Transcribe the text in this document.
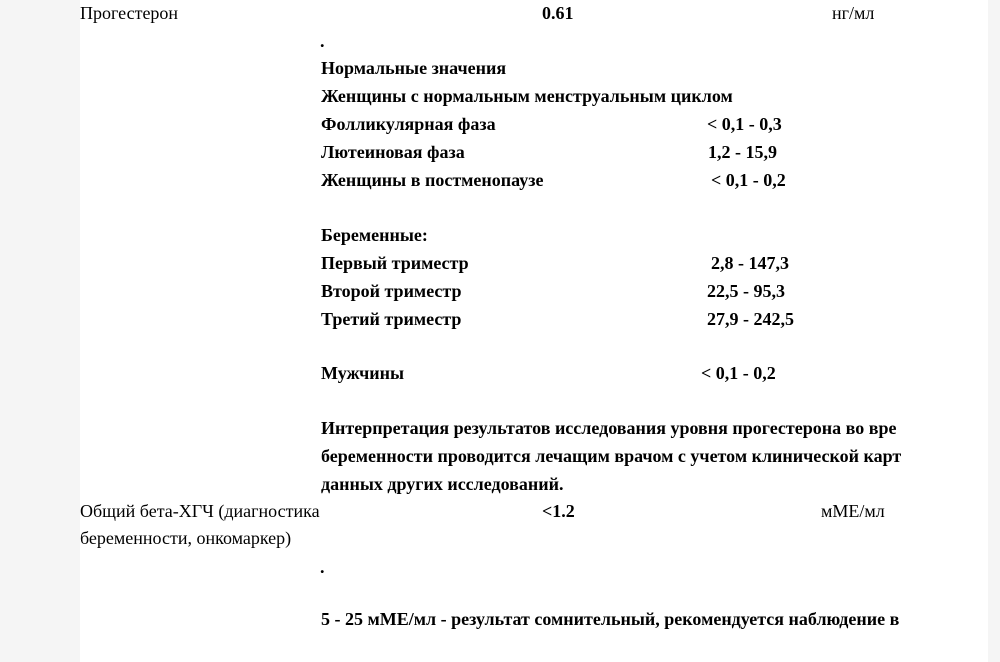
Прогестерон	0.61	нг/мл
.
Нормальные значения
Женщины с нормальным менструальным циклом
Фолликулярная фаза	< 0,1 - 0,3
Лютеиновая фаза	1,2 - 15,9
Женщины в постменопаузе	< 0,1 - 0,2
Беременные:
Первый триместр	2,8 - 147,3
Второй триместр	22,5 - 95,3
Третий триместр	27,9 - 242,5
Мужчины	< 0,1 - 0,2
Интерпретация результатов исследования уровня прогестерона во вре
беременности проводится лечащим врачом с учетом клинической карт
данных других исследований.
Общий бета-ХГЧ (диагностика
беременности, онкомаркер)
<1.2	мМЕ/мл
.
5 - 25 мМЕ/мл - результат сомнительный, рекомендуется наблюдение в
